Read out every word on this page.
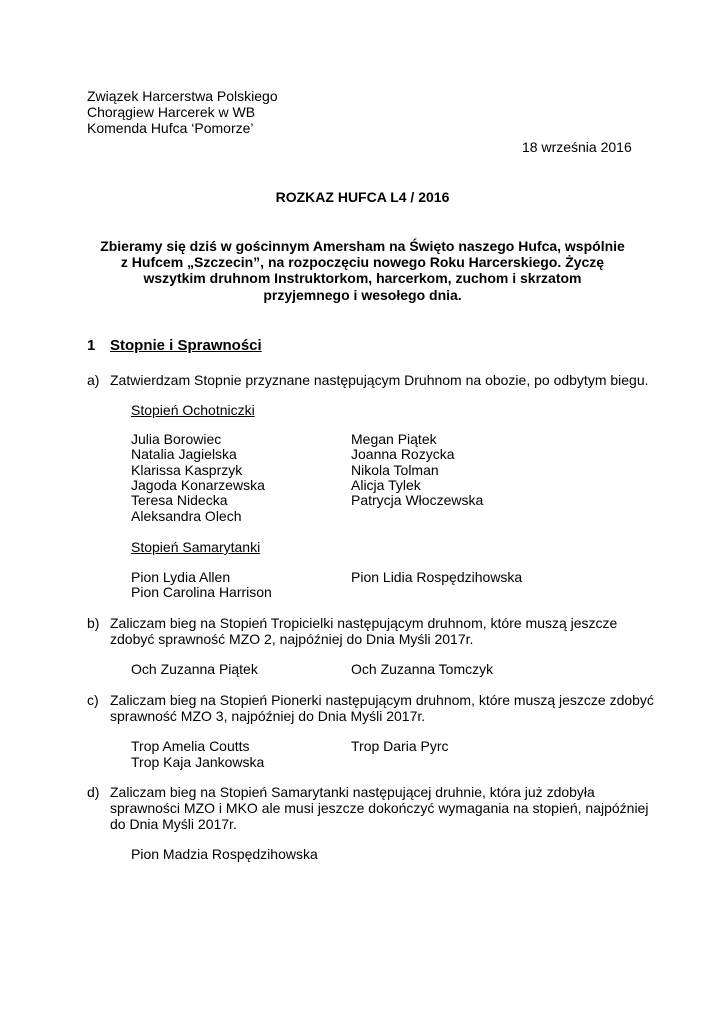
Związek Harcerstwa Polskiego
Chorągiew Harcerek w WB
Komenda Hufca ‘Pomorze’
18 września 2016
ROZKAZ HUFCA L4 / 2016
Zbieramy się dziś w gościnnym Amersham na Święto naszego Hufca, wspólnie
z Hufcem „Szczecin”, na rozpoczęciu nowego Roku Harcerskiego. Życzę
wszytkim druhnom Instruktorkom, harcerkom, zuchom i skrzatom
przyjemnego i wesołego dnia.
1 Stopnie i Sprawności
a) Zatwierdzam Stopnie przyznane następującym Druhnom na obozie, po odbytym biegu.
Stopień Ochotniczki
Julia Borowiec
Natalia Jagielska
Klarissa Kasprzyk
Jagoda Konarzewska
Teresa Nidecka
Aleksandra Olech
Megan Piątek
Joanna Rozycka
Nikola Tolman
Alicja Tylek
Patrycja Włoczewska
Stopień Samarytanki
Pion Lydia Allen
Pion Carolina Harrison
Pion Lidia Rospędzihowska
b) Zaliczam bieg na Stopień Tropicielki następującym druhnom, które muszą jeszcze
zdobyć sprawność MZO 2, najpóźniej do Dnia Myśli 2017r.
Och Zuzanna Piątek	Och Zuzanna Tomczyk
c) Zaliczam bieg na Stopień Pionerki następującym druhnom, które muszą jeszcze zdobyć
sprawność MZO 3, najpóźniej do Dnia Myśli 2017r.
Trop Amelia Coutts
Trop Kaja Jankowska
Trop Daria Pyrc
d) Zaliczam bieg na Stopień Samarytanki następującej druhnie, która już zdobyła
sprawności MZO i MKO ale musi jeszcze dokończyć wymagania na stopień, najpóźniej
do Dnia Myśli 2017r.
Pion Madzia Rospędzihowska
